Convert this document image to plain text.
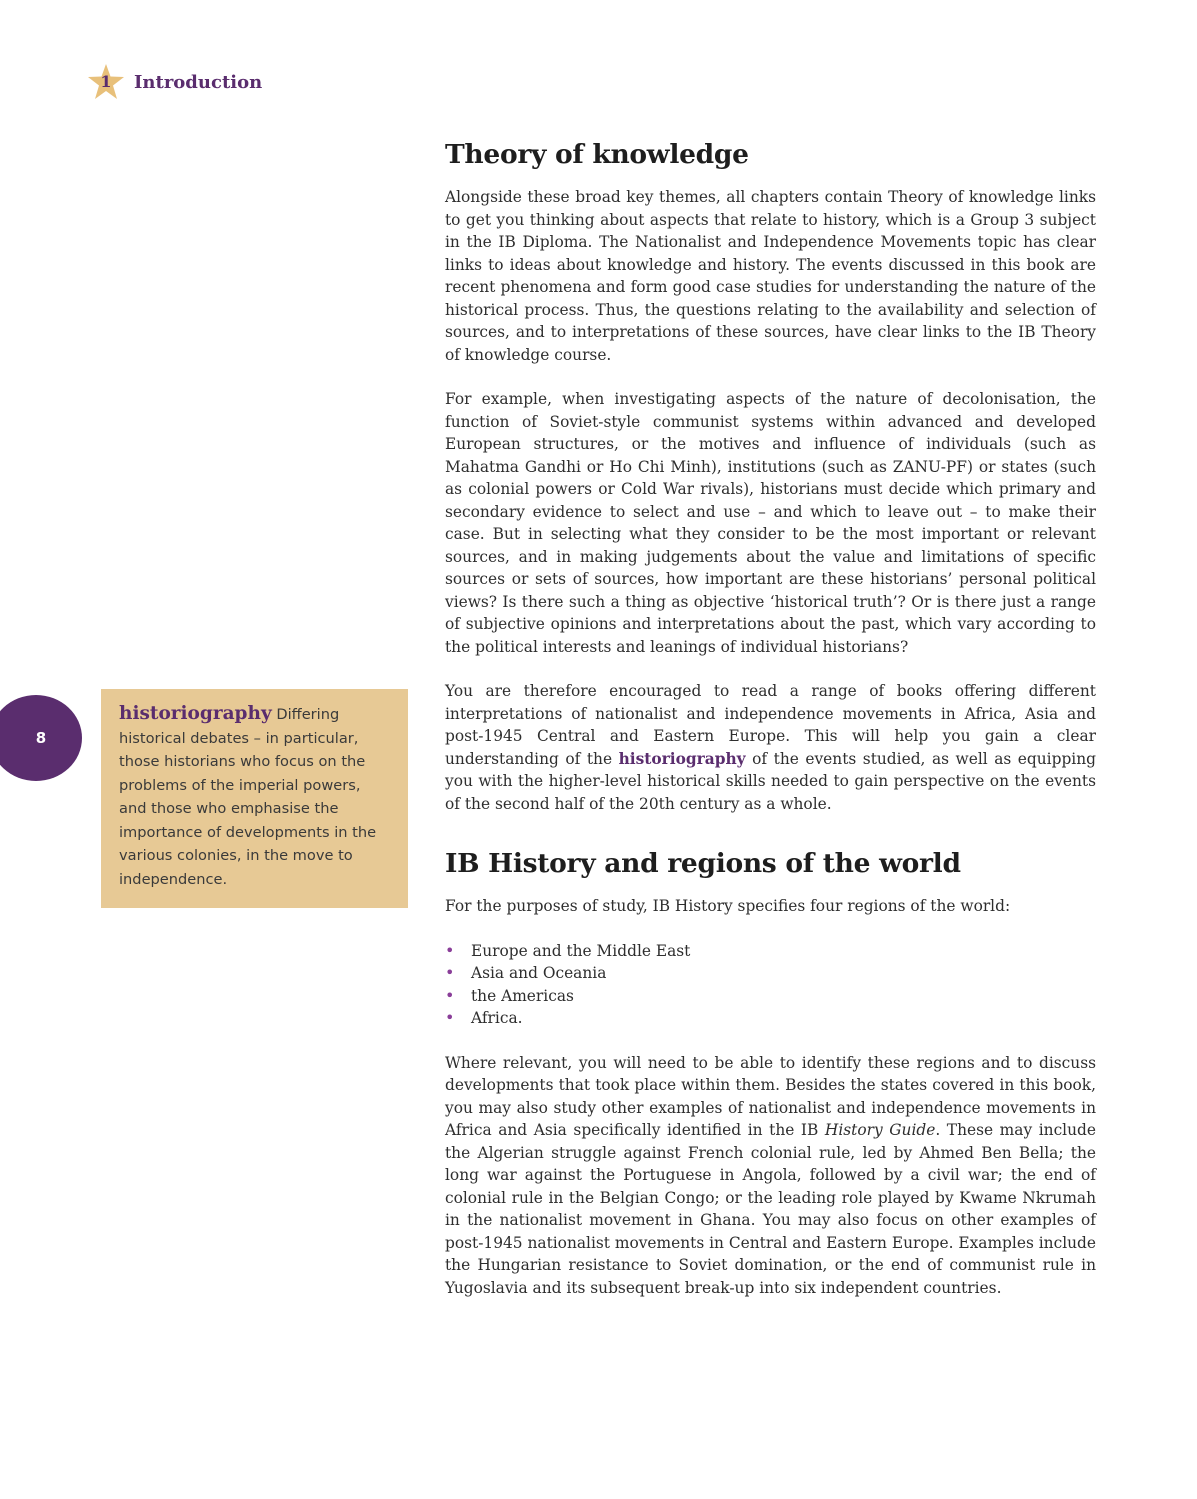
1	Introduction
8
historiography Differing historical debates – in particular, those historians who focus on the problems of the imperial powers, and those who emphasise the importance of developments in the various colonies, in the move to independence.
Theory of knowledge

Alongside these broad key themes, all chapters contain Theory of knowledge links to get you thinking about aspects that relate to history, which is a Group 3 subject in the IB Diploma. The Nationalist and Independence Movements topic has clear links to ideas about knowledge and history. The events discussed in this book are recent phenomena and form good case studies for understanding the nature of the historical process. Thus, the questions relating to the availability and selection of sources, and to interpretations of these sources, have clear links to the IB Theory of knowledge course.

For example, when investigating aspects of the nature of decolonisation, the function of Soviet-style communist systems within advanced and developed European structures, or the motives and influence of individuals (such as Mahatma Gandhi or Ho Chi Minh), institutions (such as ZANU-PF) or states (such as colonial powers or Cold War rivals), historians must decide which primary and secondary evidence to select and use – and which to leave out – to make their case. But in selecting what they consider to be the most important or relevant sources, and in making judgements about the value and limitations of specific sources or sets of sources, how important are these historians’ personal political views? Is there such a thing as objective ‘historical truth’? Or is there just a range of subjective opinions and interpretations about the past, which vary according to the political interests and leanings of individual historians?

You are therefore encouraged to read a range of books offering different interpretations of nationalist and independence movements in Africa, Asia and post-1945 Central and Eastern Europe. This will help you gain a clear understanding of the historiography of the events studied, as well as equipping you with the higher-level historical skills needed to gain perspective on the events of the second half of the 20th century as a whole.

IB History and regions of the world

For the purposes of study, IB History specifies four regions of the world:

• Europe and the Middle East
• Asia and Oceania
• the Americas
• Africa.

Where relevant, you will need to be able to identify these regions and to discuss developments that took place within them. Besides the states covered in this book, you may also study other examples of nationalist and independence movements in Africa and Asia specifically identified in the IB History Guide. These may include the Algerian struggle against French colonial rule, led by Ahmed Ben Bella; the long war against the Portuguese in Angola, followed by a civil war; the end of colonial rule in the Belgian Congo; or the leading role played by Kwame Nkrumah in the nationalist movement in Ghana. You may also focus on other examples of post-1945 nationalist movements in Central and Eastern Europe. Examples include the Hungarian resistance to Soviet domination, or the end of communist rule in Yugoslavia and its subsequent break-up into six independent countries.
